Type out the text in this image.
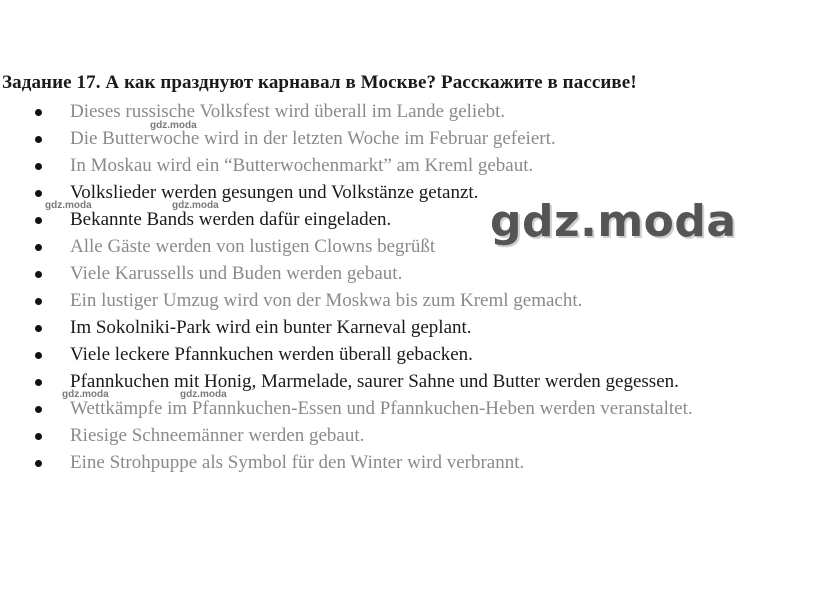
Задание 17. А как празднуют карнавал в Москве? Расскажите в пассиве!
Dieses russische Volksfest wird überall im Lande geliebt.
Die Butterwoche wird in der letzten Woche im Februar gefeiert.
In Moskau wird ein “Butterwochenmarkt” am Kreml gebaut.
Volkslieder werden gesungen und Volkstänze getanzt.
Bekannte Bands werden dafür eingeladen.
Alle Gäste werden von lustigen Clowns begrüßt
Viele Karussells und Buden werden gebaut.
Ein lustiger Umzug wird von der Moskwa bis zum Kreml gemacht.
Im Sokolniki-Park wird ein bunter Karneval geplant.
Viele leckere Pfannkuchen werden überall gebacken.
Pfannkuchen mit Honig, Marmelade, saurer Sahne und Butter werden gegessen.
Wettkämpfe im Pfannkuchen-Essen und Pfannkuchen-Heben werden veranstaltet.
Riesige Schneemänner werden gebaut.
Eine Strohpuppe als Symbol für den Winter wird verbrannt.
gdz.moda
gdz.moda
gdz.moda	gdz.moda
gdz.moda	gdz.moda
